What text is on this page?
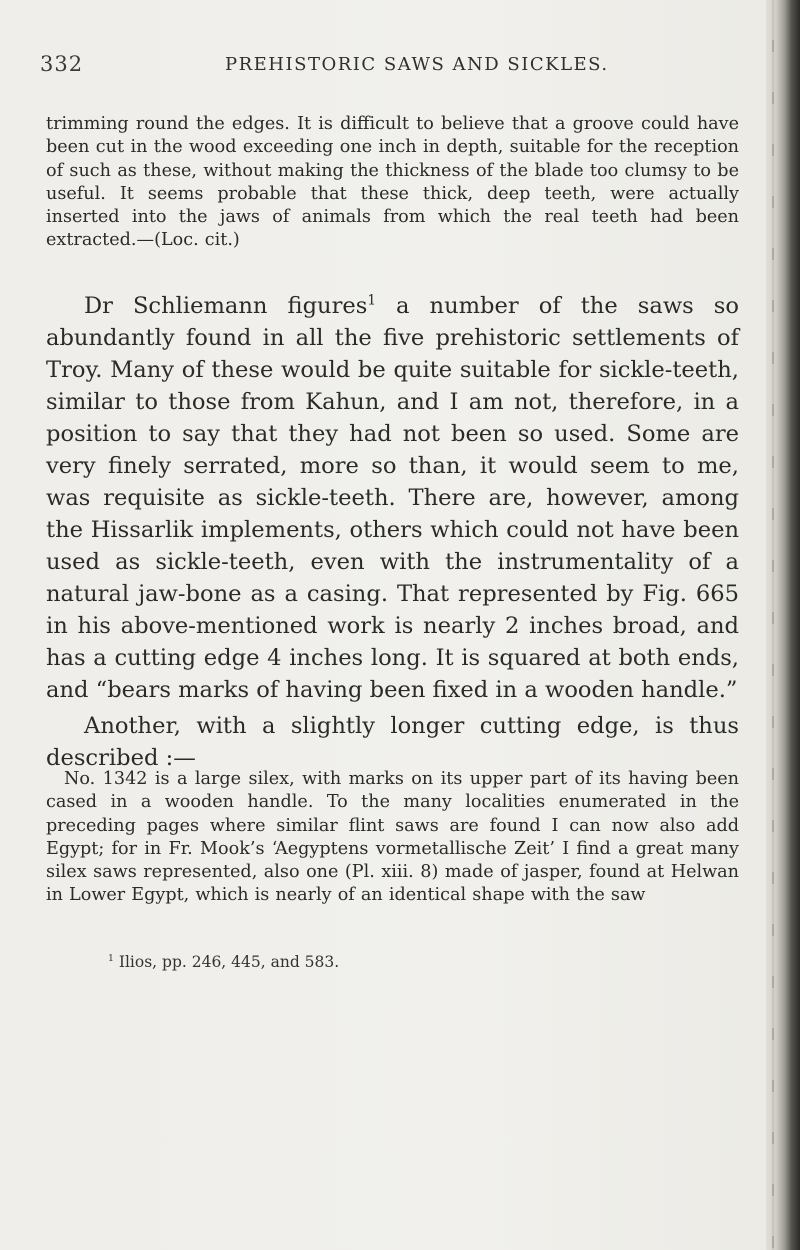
332	PREHISTORIC SAWS AND SICKLES.

trimming round the edges. It is difficult to believe that a groove could have been cut in the wood exceeding one inch in depth, suitable for the reception of such as these, without making the thickness of the blade too clumsy to be useful. It seems probable that these thick, deep teeth, were actually inserted into the jaws of animals from which the real teeth had been extracted.—(Loc. cit.)

Dr Schliemann figures$^1$ a number of the saws so abundantly found in all the five prehistoric settlements of Troy. Many of these would be quite suitable for sickle-teeth, similar to those from Kahun, and I am not, therefore, in a position to say that they had not been so used. Some are very finely serrated, more so than, it would seem to me, was requisite as sickle-teeth. There are, however, among the Hissarlik implements, others which could not have been used as sickle-teeth, even with the instrumentality of a natural jaw-bone as a casing. That represented by Fig. 665 in his above-mentioned work is nearly 2 inches broad, and has a cutting edge 4 inches long. It is squared at both ends, and “bears marks of having been fixed in a wooden handle.”

Another, with a slightly longer cutting edge, is thus described :—

No. 1342 is a large silex, with marks on its upper part of its having been cased in a wooden handle. To the many localities enumerated in the preceding pages where similar flint saws are found I can now also add Egypt; for in Fr. Mook’s ‘Aegyptens vormetallische Zeit’ I find a great many silex saws represented, also one (Pl. xiii. 8) made of jasper, found at Helwan in Lower Egypt, which is nearly of an identical shape with the saw

$^1$ Ilios, pp. 246, 445, and 583.
